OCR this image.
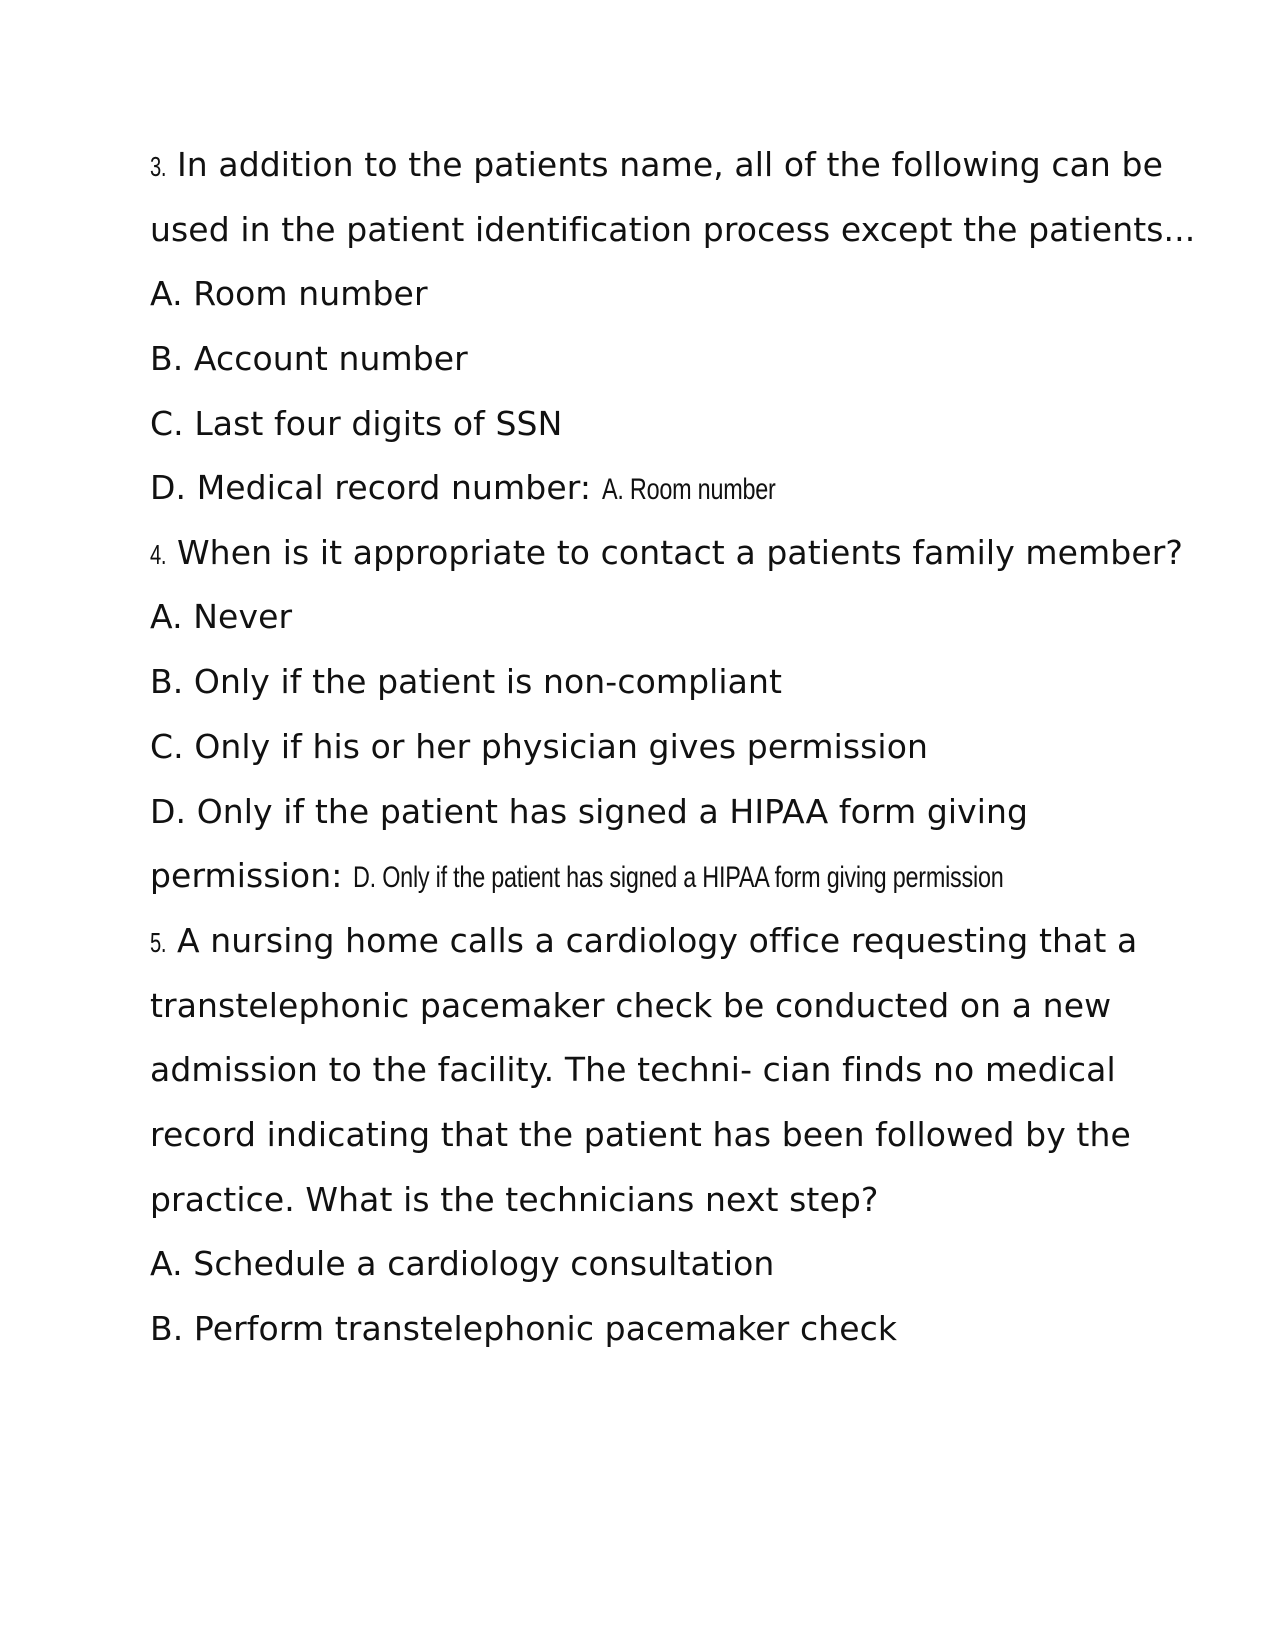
3. In addition to the patients name, all of the following can be
used in the patient identification process except the patients...
A. Room number
B. Account number
C. Last four digits of SSN
D. Medical record number: A. Room number
4. When is it appropriate to contact a patients family member?
A. Never
B. Only if the patient is non-compliant
C. Only if his or her physician gives permission
D. Only if the patient has signed a HIPAA form giving
permission: D. Only if the patient has signed a HIPAA form giving permission
5. A nursing home calls a cardiology office requesting that a
transtelephonic pacemaker check be conducted on a new
admission to the facility. The techni- cian finds no medical
record indicating that the patient has been followed by the
practice. What is the technicians next step?
A. Schedule a cardiology consultation
B. Perform transtelephonic pacemaker check
